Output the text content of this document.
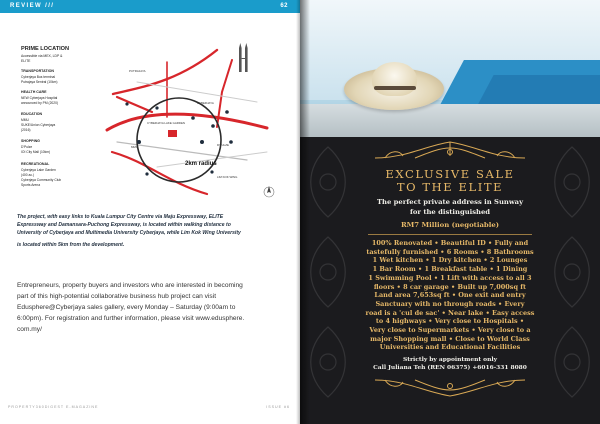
REVIEW ///	62
PRIME LOCATION
Accessible via MEX, LDP &
ELITE
TRANSPORTATION
Cyberjaya Bus terminal
Putrajaya Sentral (10km)
HEALTH CARE
NEW Cyberjaya Hospital
announced by PM (2020)
EDUCATION
MMU
SUKE/Union Cyberjaya
(2016)
SHOPPING
D'Pulze
IOI City Mall (10km)
RECREATIONAL
Cyberjaya Lake Garden
(400 ac.)
Cyberjaya Community Club
Sports Arena
2km radius
PUTRAJAYA
CYBERJAYA
MMU
CYBERJAYA LAKE GARDEN
D'PULZE
LIM KOK WING

The project, with easy links to Kuala Lumpur City Centre via Maju Expressway, ELITE

Expressway and Damansara-Puchong Expressway, is located within walking distance to

University of Cyberjaya and Multimedia University Cyberjaya, while Lim Kok Wing University

is located within 5km from the development.

Entrepreneurs, property buyers and investors who are interested in becoming
part of this high-potential collaborative business hub project can visit
Edusphere@Cyberjaya sales gallery, every Monday – Saturday (9:00am to
6:00pm). For registration and further information, please visit www.edusphere.
com.my/
PROPERTY360DIGEST E-MAGAZINE	ISSUE #6
EXCLUSIVE SALE
TO THE ELITE
The perfect private address in Sunway
for the distinguished
RM7 Million (negotiable)
100% Renovated • Beautiful ID • Fully and
tastefully furnished • 6 Rooms • 8 Bathrooms
1 Wet kitchen • 1 Dry kitchen • 2 Lounges
1 Bar Room • 1 Breakfast table • 1 Dining
1 Swimming Pool • 1 Lift with access to all 3
floors • 8 car garage • Built up 7,000sq ft
Land area 7,653sq ft • One exit and entry
Sanctuary with no through roads • Every
road is a 'cul de sac' • Near lake • Easy access
to 4 highways • Very close to Hospitals •
Very close to Supermarkets • Very close to a
major Shopping mall • Close to World Class
Universities and Educational Facilities
Strictly by appointment only
Call Juliana Teh (REN 06375) +6016-331 8080
